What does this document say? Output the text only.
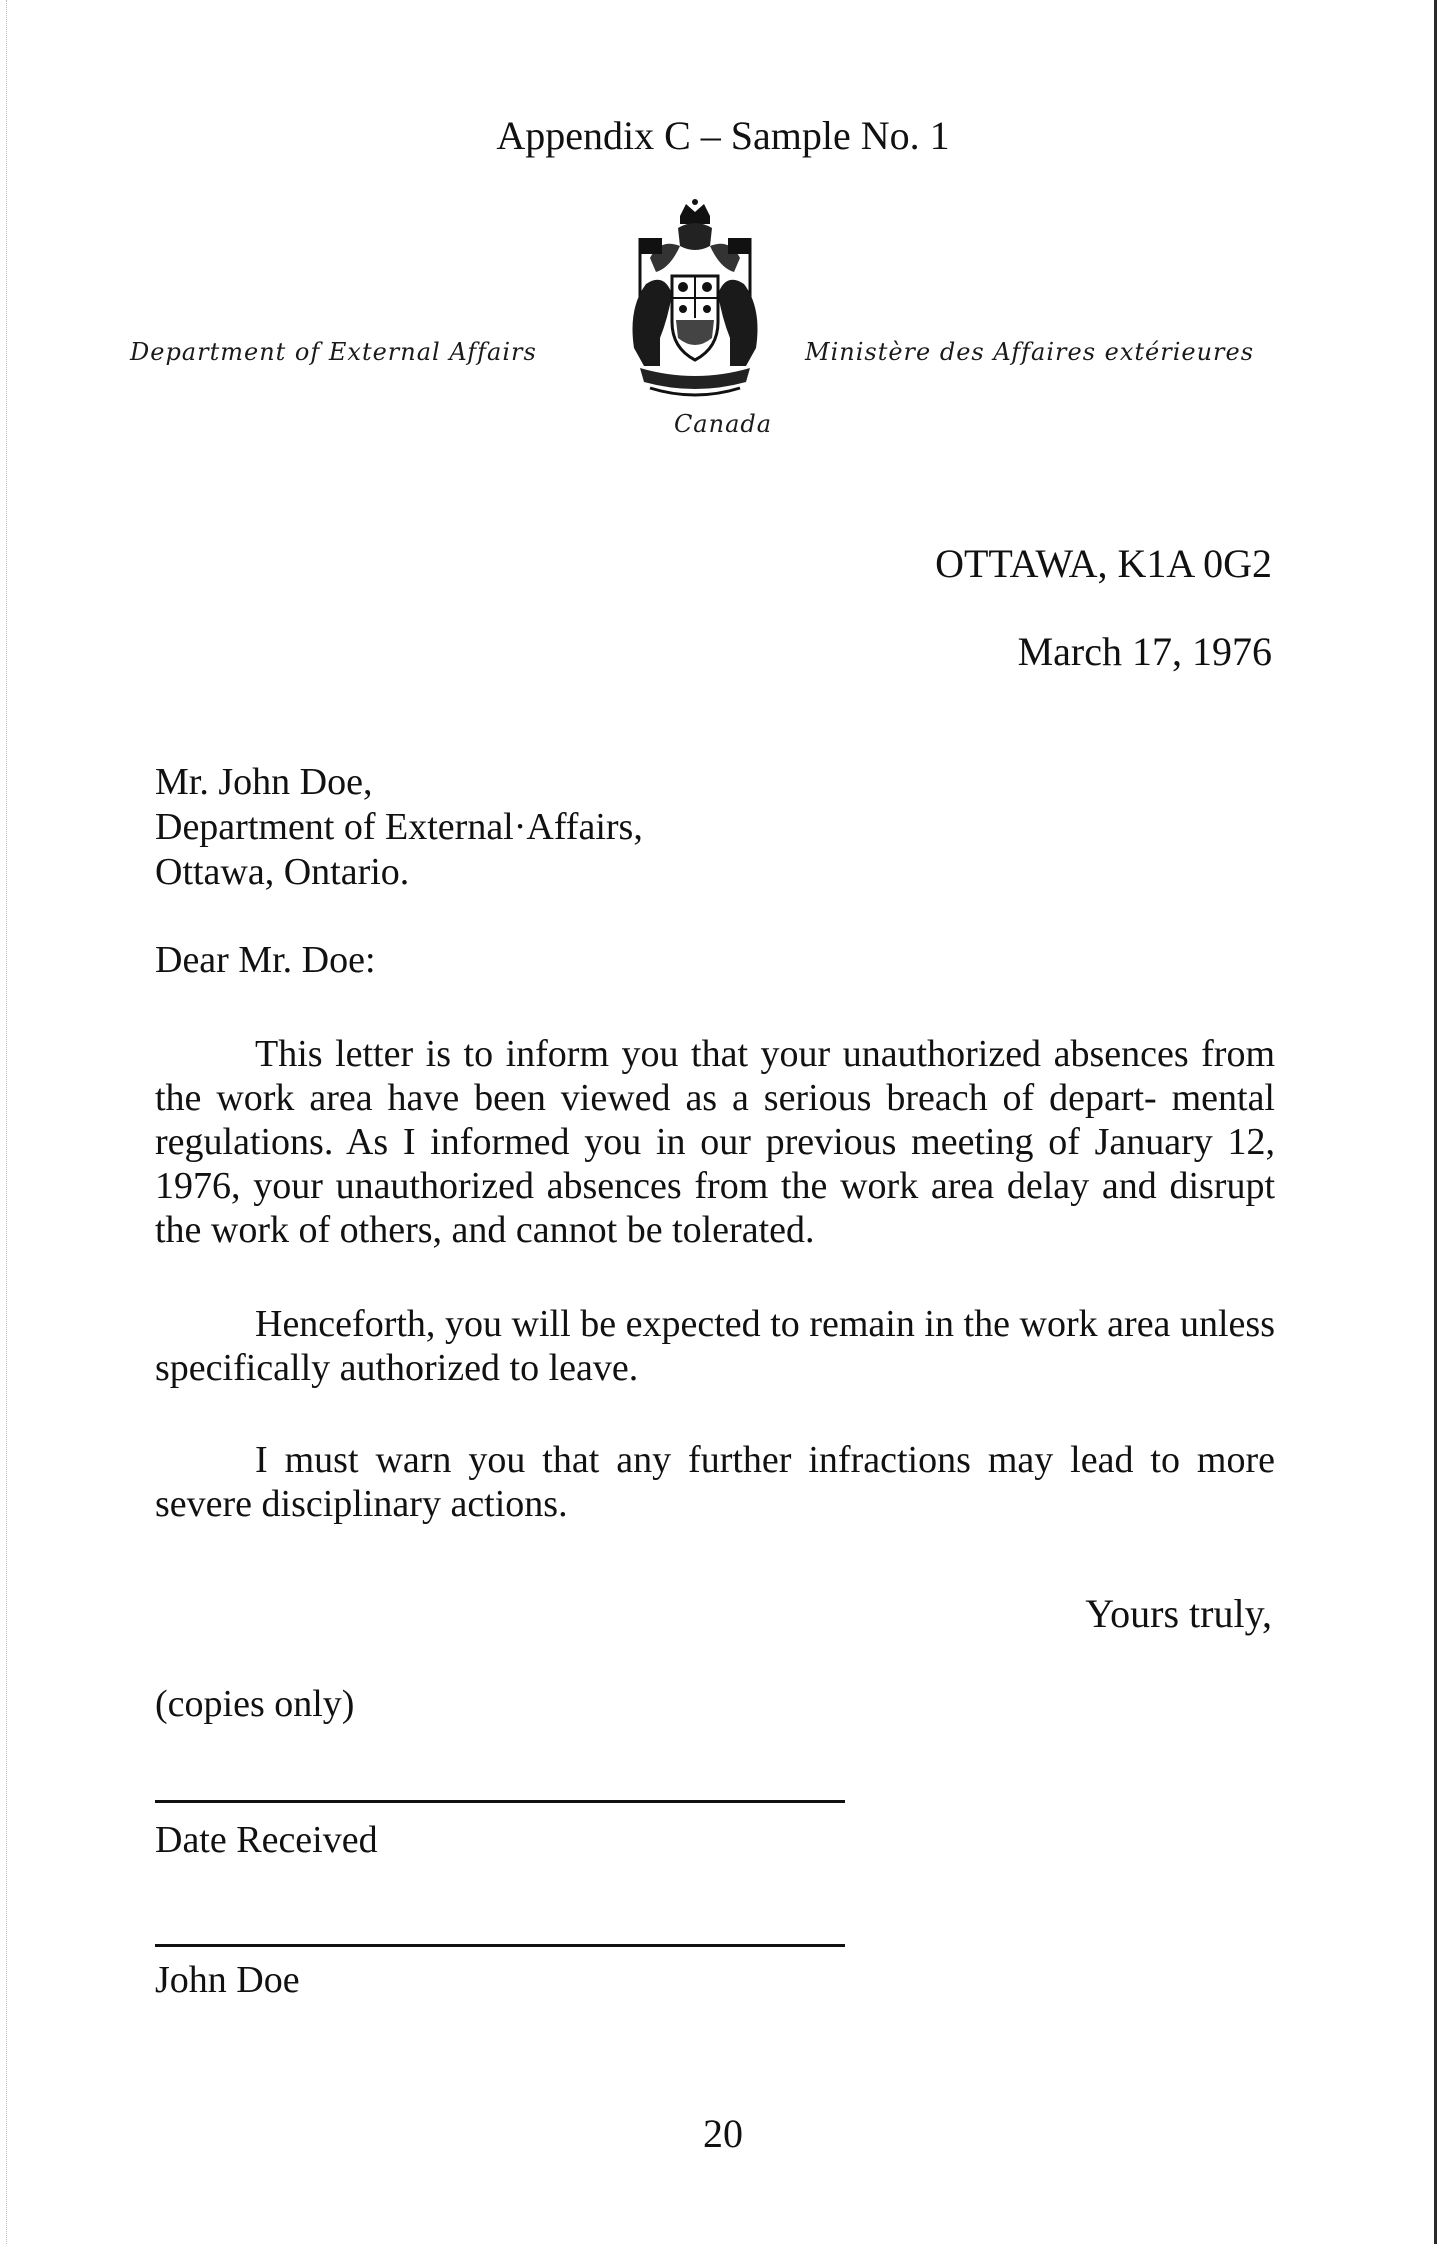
Appendix C – Sample No. 1
Department of External Affairs	Ministère des Affaires extérieures
Canada
OTTAWA, K1A 0G2
March 17, 1976
Mr. John Doe,
Department of External·Affairs,
Ottawa, Ontario.
Dear Mr. Doe:
This letter is to inform you that your unauthorized absences from the work area have been viewed as a serious breach of depart- mental regulations. As I informed you in our previous meeting of January 12, 1976, your unauthorized absences from the work area delay and disrupt the work of others, and cannot be tolerated.
Henceforth, you will be expected to remain in the work area unless specifically authorized to leave.
I must warn you that any further infractions may lead to more severe disciplinary actions.
Yours truly,
(copies only)
Date Received
John Doe
20
